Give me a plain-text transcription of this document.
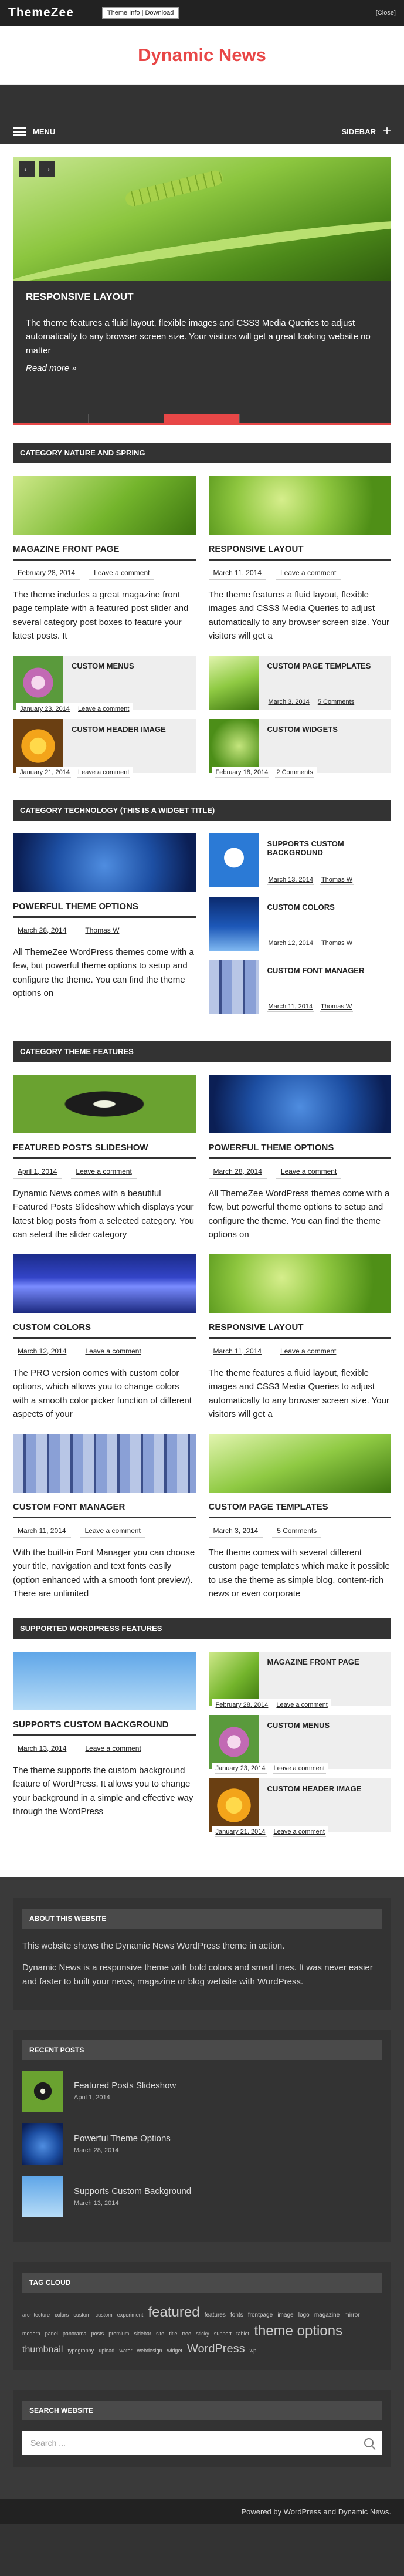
ThemeZee	Theme Info | Download	[Close]
Dynamic News
MENU	SIDEBAR +
←	→
RESPONSIVE LAYOUT

The theme features a fluid layout, flexible images and CSS3 Media Queries to adjust automatically to any browser screen size. Your visitors will get a great looking website no matter

Read more »
CATEGORY NATURE AND SPRING
MAGAZINE FRONT PAGE
February 28, 2014	Leave a comment

The theme includes a great magazine front page template with a featured post slider and several category post boxes to feature your latest posts. It

CUSTOM MENUS
January 23, 2014 Leave a comment
CUSTOM HEADER IMAGE
January 21, 2014 Leave a comment
RESPONSIVE LAYOUT
March 11, 2014	Leave a comment

The theme features a fluid layout, flexible images and CSS3 Media Queries to adjust automatically to any browser screen size. Your visitors will get a

CUSTOM PAGE TEMPLATES
March 3, 2014 5 Comments
CUSTOM WIDGETS
February 18, 2014 2 Comments
CATEGORY TECHNOLOGY (THIS IS A WIDGET TITLE)
POWERFUL THEME OPTIONS
March 28, 2014	Thomas W

All ThemeZee WordPress themes come with a few, but powerful theme options to setup and configure the theme. You can find the theme options on

SUPPORTS CUSTOM BACKGROUND
March 13, 2014 Thomas W
CUSTOM COLORS
March 12, 2014 Thomas W
CUSTOM FONT MANAGER
March 11, 2014 Thomas W
CATEGORY THEME FEATURES
FEATURED POSTS SLIDESHOW
April 1, 2014	Leave a comment

Dynamic News comes with a beautiful Featured Posts Slideshow which displays your latest blog posts from a selected category. You can select the slider category

POWERFUL THEME OPTIONS
March 28, 2014	Leave a comment

All ThemeZee WordPress themes come with a few, but powerful theme options to setup and configure the theme. You can find the theme options on

CUSTOM COLORS
March 12, 2014	Leave a comment

The PRO version comes with custom color options, which allows you to change colors with a smooth color picker function of different aspects of your

RESPONSIVE LAYOUT
March 11, 2014	Leave a comment

The theme features a fluid layout, flexible images and CSS3 Media Queries to adjust automatically to any browser screen size. Your visitors will get a

CUSTOM FONT MANAGER
March 11, 2014	Leave a comment

With the built-in Font Manager you can choose your title, navigation and text fonts easily (option enhanced with a smooth font preview). There are unlimited

CUSTOM PAGE TEMPLATES
March 3, 2014	5 Comments

The theme comes with several different custom page templates which make it possible to use the theme as simple blog, content-rich news or even corporate

SUPPORTED WORDPRESS FEATURES
SUPPORTS CUSTOM BACKGROUND
March 13, 2014	Leave a comment

The theme supports the custom background feature of WordPress. It allows you to change your background in a simple and effective way through the WordPress

MAGAZINE FRONT PAGE
February 28, 2014 Leave a comment
CUSTOM MENUS
January 23, 2014 Leave a comment
CUSTOM HEADER IMAGE
January 21, 2014 Leave a comment
ABOUT THIS WEBSITE

This website shows the Dynamic News WordPress theme in action.

Dynamic News is a responsive theme with bold colors and smart lines. It was never easier and faster to built your news, magazine or blog website with WordPress.

RECENT POSTS
Featured Posts Slideshow
April 1, 2014
Powerful Theme Options
March 28, 2014
Supports Custom Background
March 13, 2014
TAG CLOUD
architecture colors custom custom experiment featured features fonts frontpage image logo magazine mirror modern panel panorama posts premium sidebar site title tree sticky support tablet theme options thumbnail typography upload water webdesign widget WordPress wp
SEARCH WEBSITE
Search ...
Powered by WordPress and Dynamic News.
